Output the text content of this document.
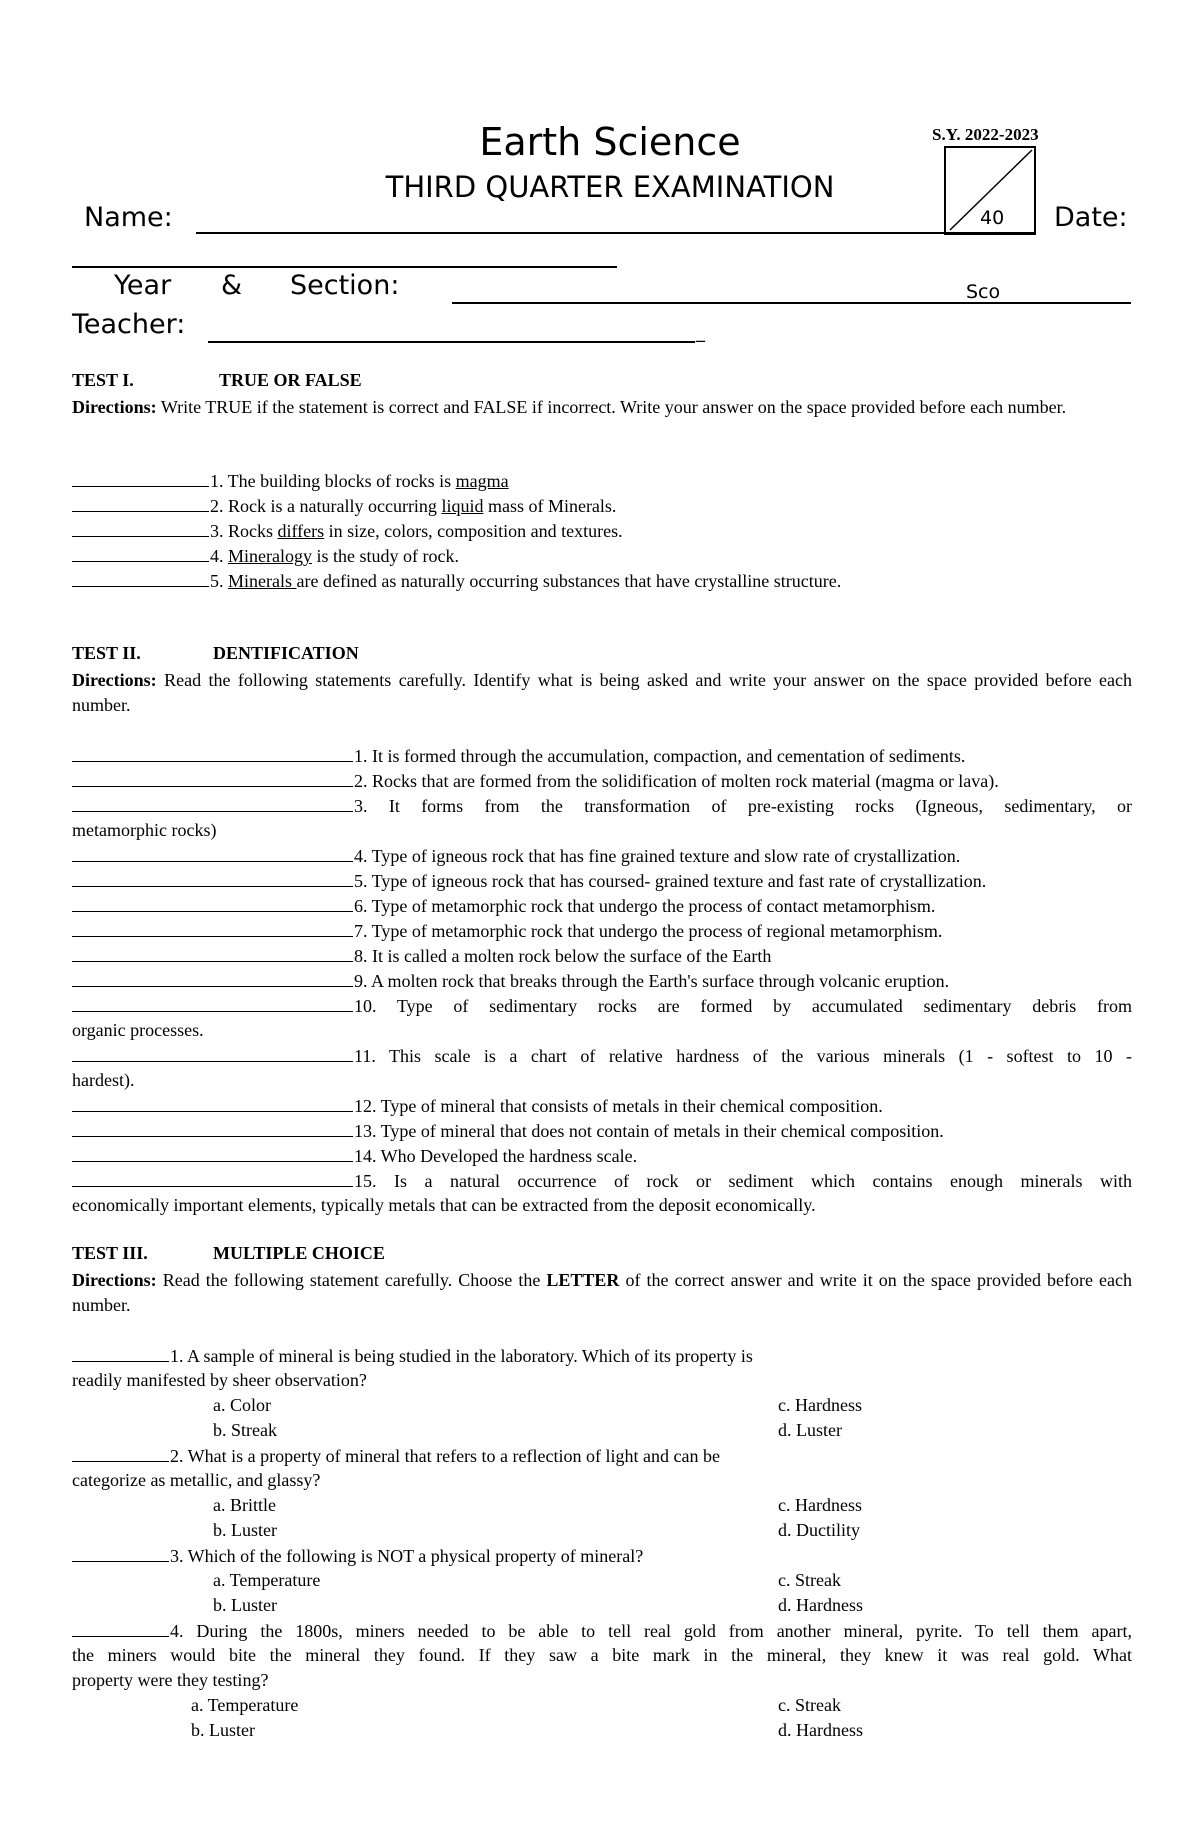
Earth Science
THIRD QUARTER EXAMINATION
S.Y. 2022-2023
40
Name:	Date:
Year & Section:	Sco
Teacher:	_
TEST I.	TRUE OR FALSE
Directions: Write TRUE if the statement is correct and FALSE if incorrect. Write your answer on the space provided before each number.
1. The building blocks of rocks is magma
2. Rock is a naturally occurring liquid mass of Minerals.
3. Rocks differs in size, colors, composition and textures.
4. Mineralogy is the study of rock.
5. Minerals are defined as naturally occurring substances that have crystalline structure.
TEST II.	DENTIFICATION
Directions: Read the following statements carefully. Identify what is being asked and write your answer on the space provided before each number.
1. It is formed through the accumulation, compaction, and cementation of sediments.
2. Rocks that are formed from the solidification of molten rock material (magma or lava).
3. It forms from the transformation of pre-existing rocks (Igneous, sedimentary, or
metamorphic rocks)
4. Type of igneous rock that has fine grained texture and slow rate of crystallization.
5. Type of igneous rock that has coursed- grained texture and fast rate of crystallization.
6. Type of metamorphic rock that undergo the process of contact metamorphism.
7. Type of metamorphic rock that undergo the process of regional metamorphism.
8. It is called a molten rock below the surface of the Earth
9. A molten rock that breaks through the Earth's surface through volcanic eruption.
10. Type of sedimentary rocks are formed by accumulated sedimentary debris from
organic processes.
11. This scale is a chart of relative hardness of the various minerals (1 - softest to 10 -
hardest).
12. Type of mineral that consists of metals in their chemical composition.
13. Type of mineral that does not contain of metals in their chemical composition.
14. Who Developed the hardness scale.
15. Is a natural occurrence of rock or sediment which contains enough minerals with
economically important elements, typically metals that can be extracted from the deposit economically.
TEST III.	MULTIPLE CHOICE
Directions: Read the following statement carefully. Choose the LETTER of the correct answer and write it on the space provided before each number.
1. A sample of mineral is being studied in the laboratory. Which of its property is
readily manifested by sheer observation?
a. Color	c. Hardness
b. Streak	d. Luster
2. What is a property of mineral that refers to a reflection of light and can be
categorize as metallic, and glassy?
a. Brittle	c. Hardness
b. Luster	d. Ductility
3. Which of the following is NOT a physical property of mineral?
a. Temperature	c. Streak
b. Luster	d. Hardness
4. During the 1800s, miners needed to be able to tell real gold from another mineral, pyrite. To tell them apart,
the miners would bite the mineral they found. If they saw a bite mark in the mineral, they knew it was real gold. What
property were they testing?
a. Temperature	c. Streak
b. Luster	d. Hardness
